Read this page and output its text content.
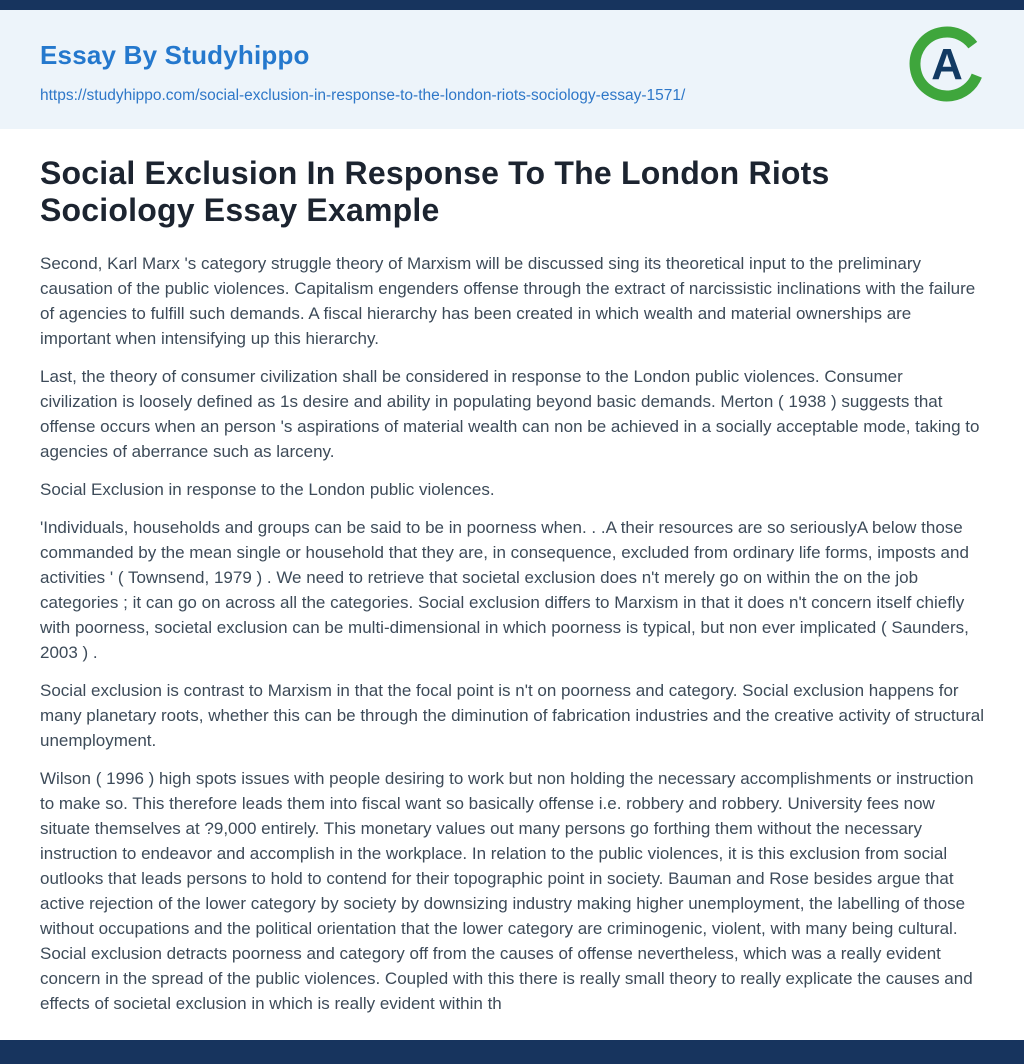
Essay By Studyhippo
https://studyhippo.com/social-exclusion-in-response-to-the-london-riots-sociology-essay-1571/
A
Social Exclusion In Response To The London Riots Sociology Essay Example

Second, Karl Marx 's category struggle theory of Marxism will be discussed sing its theoretical input to the preliminary causation of the public violences. Capitalism engenders offense through the extract of narcissistic inclinations with the failure of agencies to fulfill such demands. A fiscal hierarchy has been created in which wealth and material ownerships are important when intensifying up this hierarchy.

Last, the theory of consumer civilization shall be considered in response to the London public violences. Consumer civilization is loosely defined as 1s desire and ability in populating beyond basic demands. Merton ( 1938 ) suggests that offense occurs when an person 's aspirations of material wealth can non be achieved in a socially acceptable mode, taking to agencies of aberrance such as larceny.

Social Exclusion in response to the London public violences.

'Individuals, households and groups can be said to be in poorness when. . .A their resources are so seriouslyA below those commanded by the mean single or household that they are, in consequence, excluded from ordinary life forms, imposts and activities ' ( Townsend, 1979 ) . We need to retrieve that societal exclusion does n't merely go on within the on the job categories ; it can go on across all the categories. Social exclusion differs to Marxism in that it does n't concern itself chiefly with poorness, societal exclusion can be multi-dimensional in which poorness is typical, but non ever implicated ( Saunders, 2003 ) .

Social exclusion is contrast to Marxism in that the focal point is n't on poorness and category. Social exclusion happens for many planetary roots, whether this can be through the diminution of fabrication industries and the creative activity of structural unemployment.

Wilson ( 1996 ) high spots issues with people desiring to work but non holding the necessary accomplishments or instruction to make so. This therefore leads them into fiscal want so basically offense i.e. robbery and robbery. University fees now situate themselves at ?9,000 entirely. This monetary values out many persons go forthing them without the necessary instruction to endeavor and accomplish in the workplace. In relation to the public violences, it is this exclusion from social outlooks that leads persons to hold to contend for their topographic point in society. Bauman and Rose besides argue that active rejection of the lower category by society by downsizing industry making higher unemployment, the labelling of those without occupations and the political orientation that the lower category are criminogenic, violent, with many being cultural. Social exclusion detracts poorness and category off from the causes of offense nevertheless, which was a really evident concern in the spread of the public violences. Coupled with this there is really small theory to really explicate the causes and effects of societal exclusion in which is really evident within th
